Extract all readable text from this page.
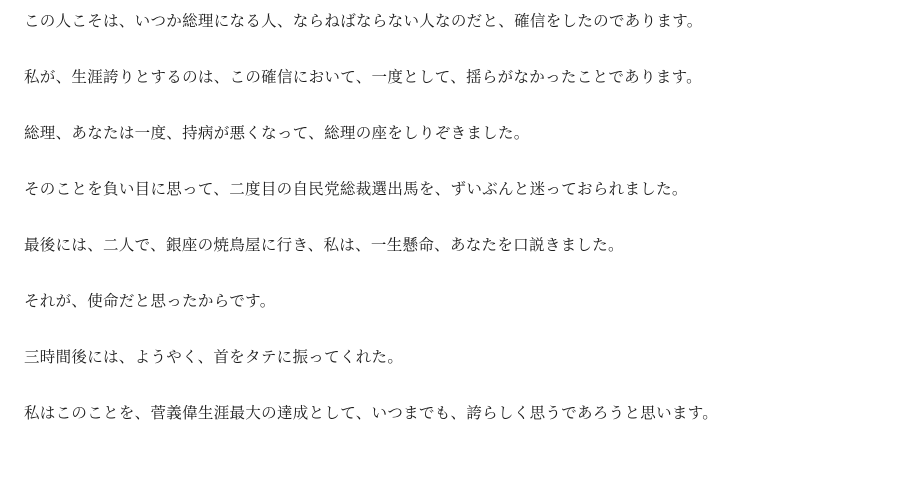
この人こそは、いつか総理になる人、ならねばならない人なのだと、確信をしたのであります。

私が、生涯誇りとするのは、この確信において、一度として、揺らがなかったことであります。

総理、あなたは一度、持病が悪くなって、総理の座をしりぞきました。

そのことを負い目に思って、二度目の自民党総裁選出馬を、ずいぶんと迷っておられました。

最後には、二人で、銀座の焼鳥屋に行き、私は、一生懸命、あなたを口説きました。

それが、使命だと思ったからです。

三時間後には、ようやく、首をタテに振ってくれた。

私はこのことを、菅義偉生涯最大の達成として、いつまでも、誇らしく思うであろうと思います。
